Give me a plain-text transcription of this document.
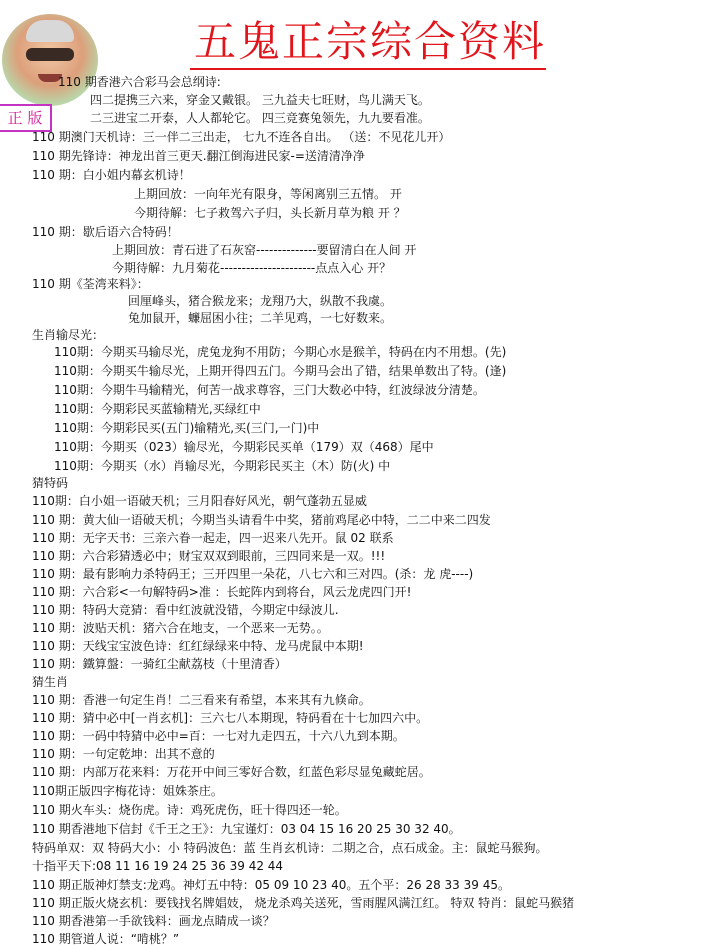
五鬼正宗综合资料
正 版
110 期香港六合彩马会总纲诗:
四二提携三六来，穿金又戴银。 三九益夫七旺财，鸟儿满天飞。
二三进宝二开泰，人人都轮它。 四三竞赛兔领先，九九要看准。
110 期澳门天机诗：三一伴二三出走， 七九不连各自出。 （送：不见花儿开）
110 期先锋诗：神龙出首三更天.翻江倒海进民家-=送清清净净
110 期：白小姐内幕玄机诗！
上期回放：一向年光有限身，等闲离别三五情。 开
今期待解：七子救驾六子归，头长新月草为粮 开 ？
110 期：歇后语六合特码！
上期回放：青石进了石灰窑--------------要留清白在人间 开
今期待解：九月菊花----------------------点点入心 开？
110 期《荃湾来料》：
回厘峰头，猪合猴龙来；龙翔乃大，纵散不我虞。
兔加鼠开，蠊屈困小往；二羊见鸡，一七好数来。
生肖输尽光：
110期：今期买马输尽光，虎兔龙狗不用防；今期心水是猴羊，特码在内不用想。(先)
110期：今期买牛输尽光，上期开得四五门。今期马会出了错，结果单数出了特。(逢)
110期：今期牛马输精光，何苦一战求尊容，三门大数必中特，红波绿波分清楚。
110期：今期彩民买蓝输精光,买绿红中
110期：今期彩民买(五门)输精光,买(三门,一门)中
110期：今期买（023）输尽光，今期彩民买单（179）双（468）尾中
110期：今期买（水）肖输尽光，今期彩民买主（木）防(火) 中
猜特码
110期：白小姐一语破天机；三月阳春好风光，朝气蓬勃五显威
110 期：黄大仙一语破天机；今期当头请看牛中奖，猪前鸡尾必中特，二二中来二四发
110 期：无字天书：三亲六眷一起走，四一迟来八先开。鼠 02 联系
110 期：六合彩猜透必中；财宝双双到眼前，三四同来是一双。!!!
110 期：最有影响力杀特码王；三开四里一朵花，八七六和三对四。(杀：龙 虎----)
110 期：六合彩<一句解特码>准 ：长蛇阵内到将台，风云龙虎四门开!
110 期：特码大竞猜：看中红波就没错，今期定中绿波儿.
110 期：波贴天机：猪六合在地支，一个恶来一无势。。
110 期：天线宝宝波色诗：红红绿绿来中特、龙马虎鼠中本期!
110 期：鐵算盤：一骑红尘献荔枝（十里清香）
猜生肖
110 期：香港一句定生肖！二三看来有希望，本来其有九倏命。
110 期：猜中必中[一肖玄机]：三六七八本期现，特码看在十七加四六中。
110 期：一码中特猜中必中=百：一七对九走四五，十六八九到本期。
110 期：一句定乾坤：出其不意的
110 期：内部万花来料：万花开中间三零好合数，红蓝色彩尽显兔藏蛇居。
110期正版四字梅花诗：姐姝茶庄。
110 期火车头：烧伤虎。诗：鸡死虎伤，旺十得四还一轮。
110 期香港地下信封《千王之王》：九宝谨灯：03 04 15 16 20 25 30 32 40。
特码单双：双 特码大小：小 特码波色：蓝 生肖玄机诗：二期之合，点石成金。主：鼠蛇马猴狗。
十指平天下:08 11 16 19 24 25 36 39 42 44
110 期正版神灯禁支:龙鸡。神灯五中特：05 09 10 23 40。五个平：26 28 33 39 45。
110 期正版火烧玄机：要钱找名牌娼妓， 烧龙杀鸡关送死，雪雨腥风满江红。 特双 特肖：鼠蛇马猴猪
110 期香港第一手欲钱料：画龙点睛成一谈？
110 期管道人说：“啃桃？”
